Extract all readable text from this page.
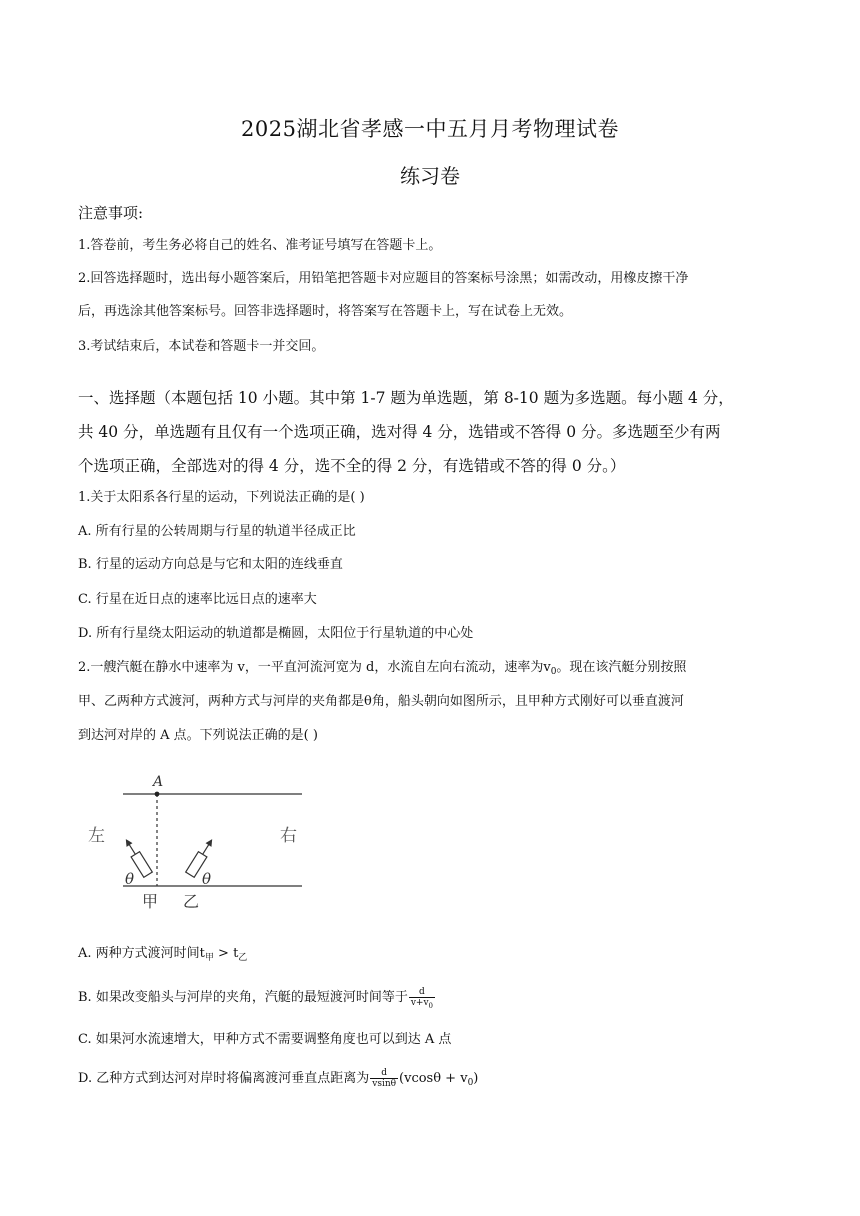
2025湖北省孝感一中五月月考物理试卷
练习卷
注意事项:
1.答卷前，考生务必将自己的姓名、准考证号填写在答题卡上。
2.回答选择题时，选出每小题答案后，用铅笔把答题卡对应题目的答案标号涂黑；如需改动，用橡皮擦干净
后，再选涂其他答案标号。回答非选择题时，将答案写在答题卡上，写在试卷上无效。
3.考试结束后，本试卷和答题卡一并交回。
一、选择题（本题包括 10 小题。其中第 1-7 题为单选题，第 8-10 题为多选题。每小题 4 分，
共 40 分，单选题有且仅有一个选项正确，选对得 4 分，选错或不答得 0 分。多选题至少有两
个选项正确，全部选对的得 4 分，选不全的得 2 分，有选错或不答的得 0 分。）
1.关于太阳系各行星的运动，下列说法正确的是( )
A. 所有行星的公转周期与行星的轨道半径成正比
B. 行星的运动方向总是与它和太阳的连线垂直
C. 行星在近日点的速率比远日点的速率大
D. 所有行星绕太阳运动的轨道都是椭圆，太阳位于行星轨道的中心处
2.一艘汽艇在静水中速率为 v，一平直河流河宽为 d，水流自左向右流动，速率为$v_0$。现在该汽艇分别按照
甲、乙两种方式渡河，两种方式与河岸的夹角都是θ角，船头朝向如图所示，且甲种方式刚好可以垂直渡河
到达河对岸的 A 点。下列说法正确的是( )
A
左	右
θ	θ
甲 乙
A. 两种方式渡河时间$t_甲 > t_乙$
B. 如果改变船头与河岸的夹角，汽艇的最短渡河时间等于 $\frac{d}{v+v_0}$
C. 如果河水流速增大，甲种方式不需要调整角度也可以到达 A 点
D. 乙种方式到达河对岸时将偏离渡河垂直点距离为 $\frac{d}{vsin\theta} (vcos\theta + v_0)$
